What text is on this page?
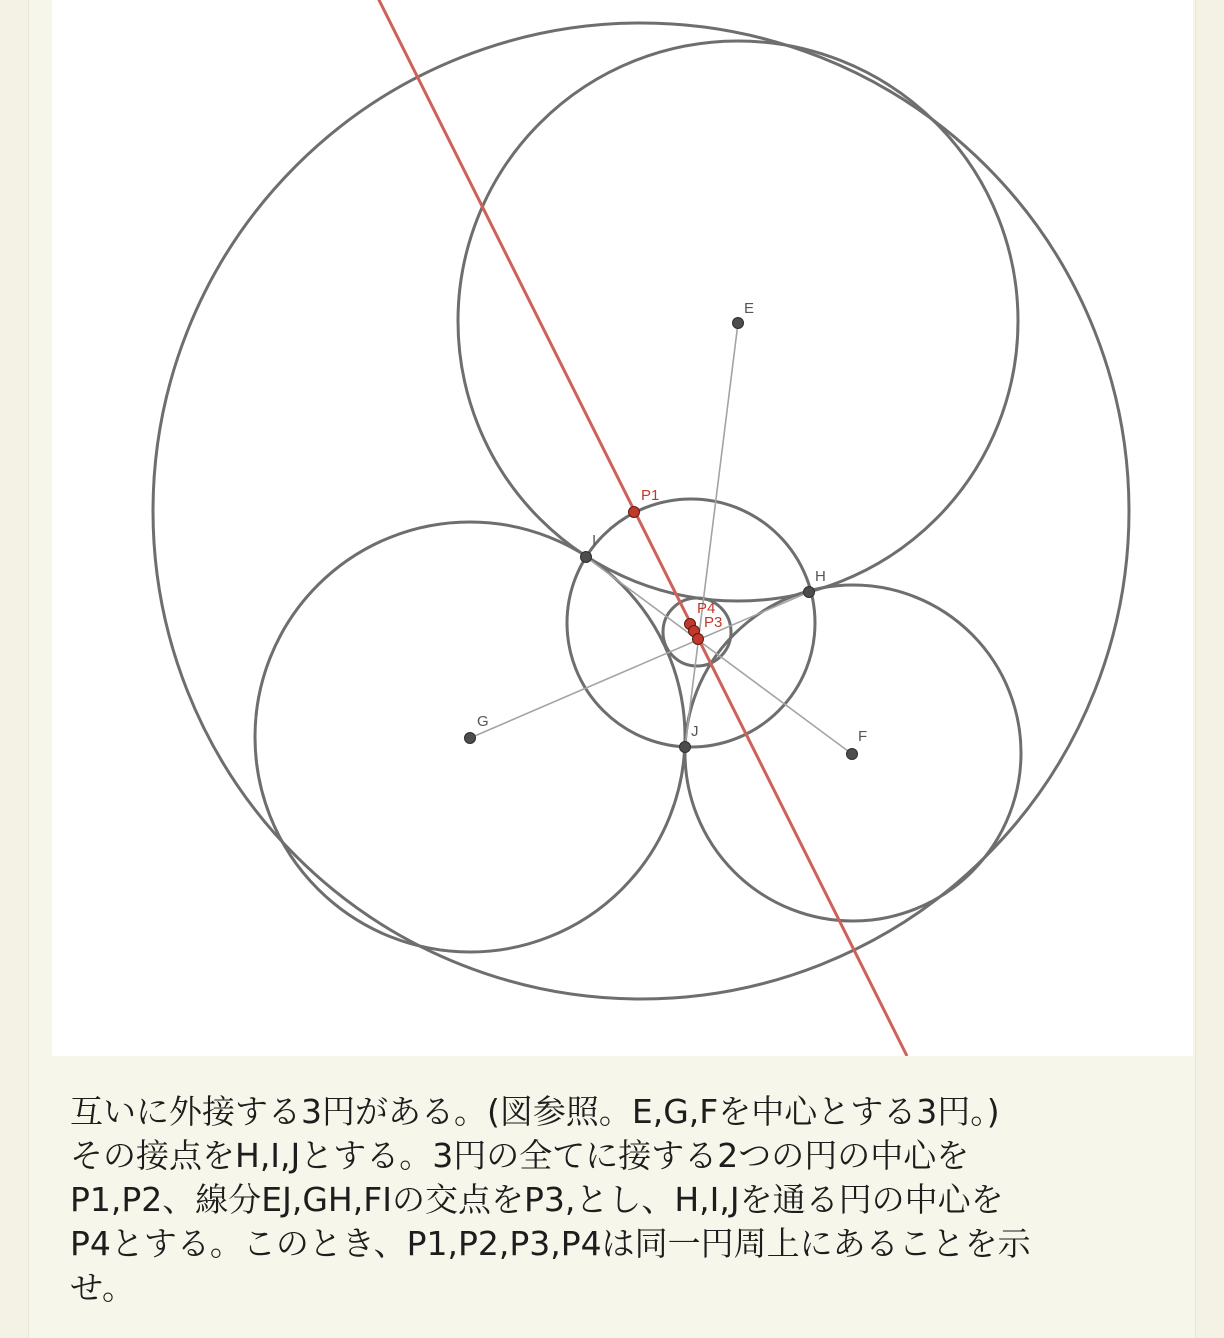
E
G
F
H
I
J
P1
P4
P3
互いに外接する3円がある。(図参照。E,G,Fを中心とする3円。)
その接点をH,I,Jとする。3円の全てに接する2つの円の中心を
P1,P2、線分EJ,GH,FIの交点をP3,とし、H,I,Jを通る円の中心を
P4とする。このとき、P1,P2,P3,P4は同一円周上にあることを示
せ。
